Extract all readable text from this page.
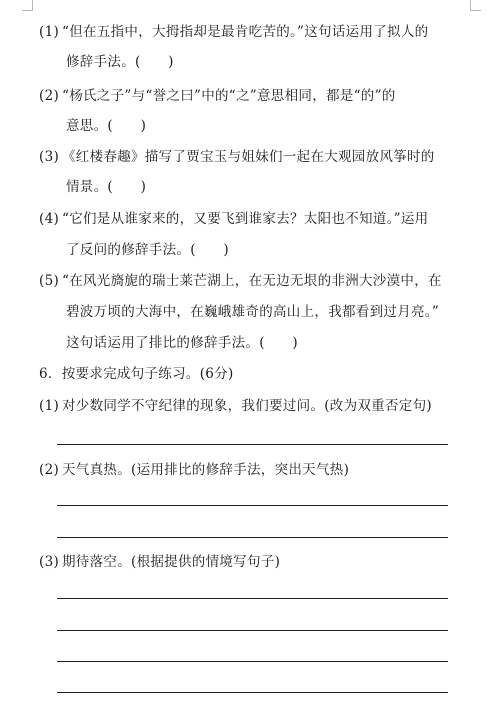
(1) “但在五指中，大拇指却是最肯吃苦的。”这句话运用了拟人的
修辞手法。(　　)
(2) “杨氏之子”与“誉之曰”中的“之”意思相同，都是“的”的
意思。(　　)
(3) 《红楼春趣》描写了贾宝玉与姐妹们一起在大观园放风筝时的
情景。(　　)
(4) “它们是从谁家来的，又要飞到谁家去？太阳也不知道。”运用
了反问的修辞手法。(　　)
(5) “在风光旖旎的瑞士莱芒湖上，在无边无垠的非洲大沙漠中，在
碧波万顷的大海中，在巍峨雄奇的高山上，我都看到过月亮。”
这句话运用了排比的修辞手法。(　　)
6．按要求完成句子练习。(6分)
(1) 对少数同学不守纪律的现象，我们要过问。(改为双重否定句)
(2) 天气真热。(运用排比的修辞手法，突出天气热)
(3) 期待落空。(根据提供的情境写句子)
